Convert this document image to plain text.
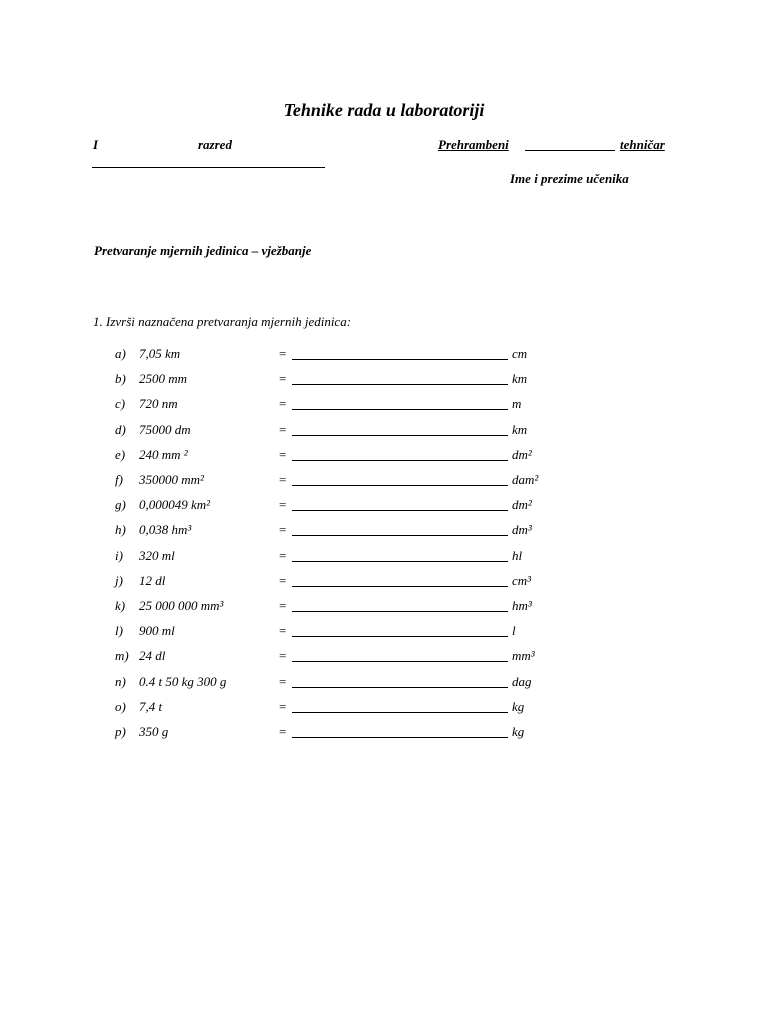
Tehnike rada u laboratoriji
I	razred	Prehrambeni	tehničar
Ime i prezime učenika
Pretvaranje mjernih jedinica – vježbanje
1. Izvrši naznačena pretvaranja mjernih jedinica:
a) 7,05 km	=	cm
b) 2500 mm	=	km
c) 720 nm	=	m
d) 75000 dm	=	km
e) 240 mm ²	=	dm²
f) 350000 mm²	=	dam²
g) 0,000049 km²	=	dm²
h) 0,038 hm³	=	dm³
i) 320 ml	=	hl
j) 12 dl	=	cm³
k) 25 000 000 mm³	=	hm³
l) 900 ml	=	l
m) 24 dl	=	mm³
n) 0.4 t 50 kg 300 g	=	dag
o) 7,4 t	=	kg
p) 350 g	=	kg
